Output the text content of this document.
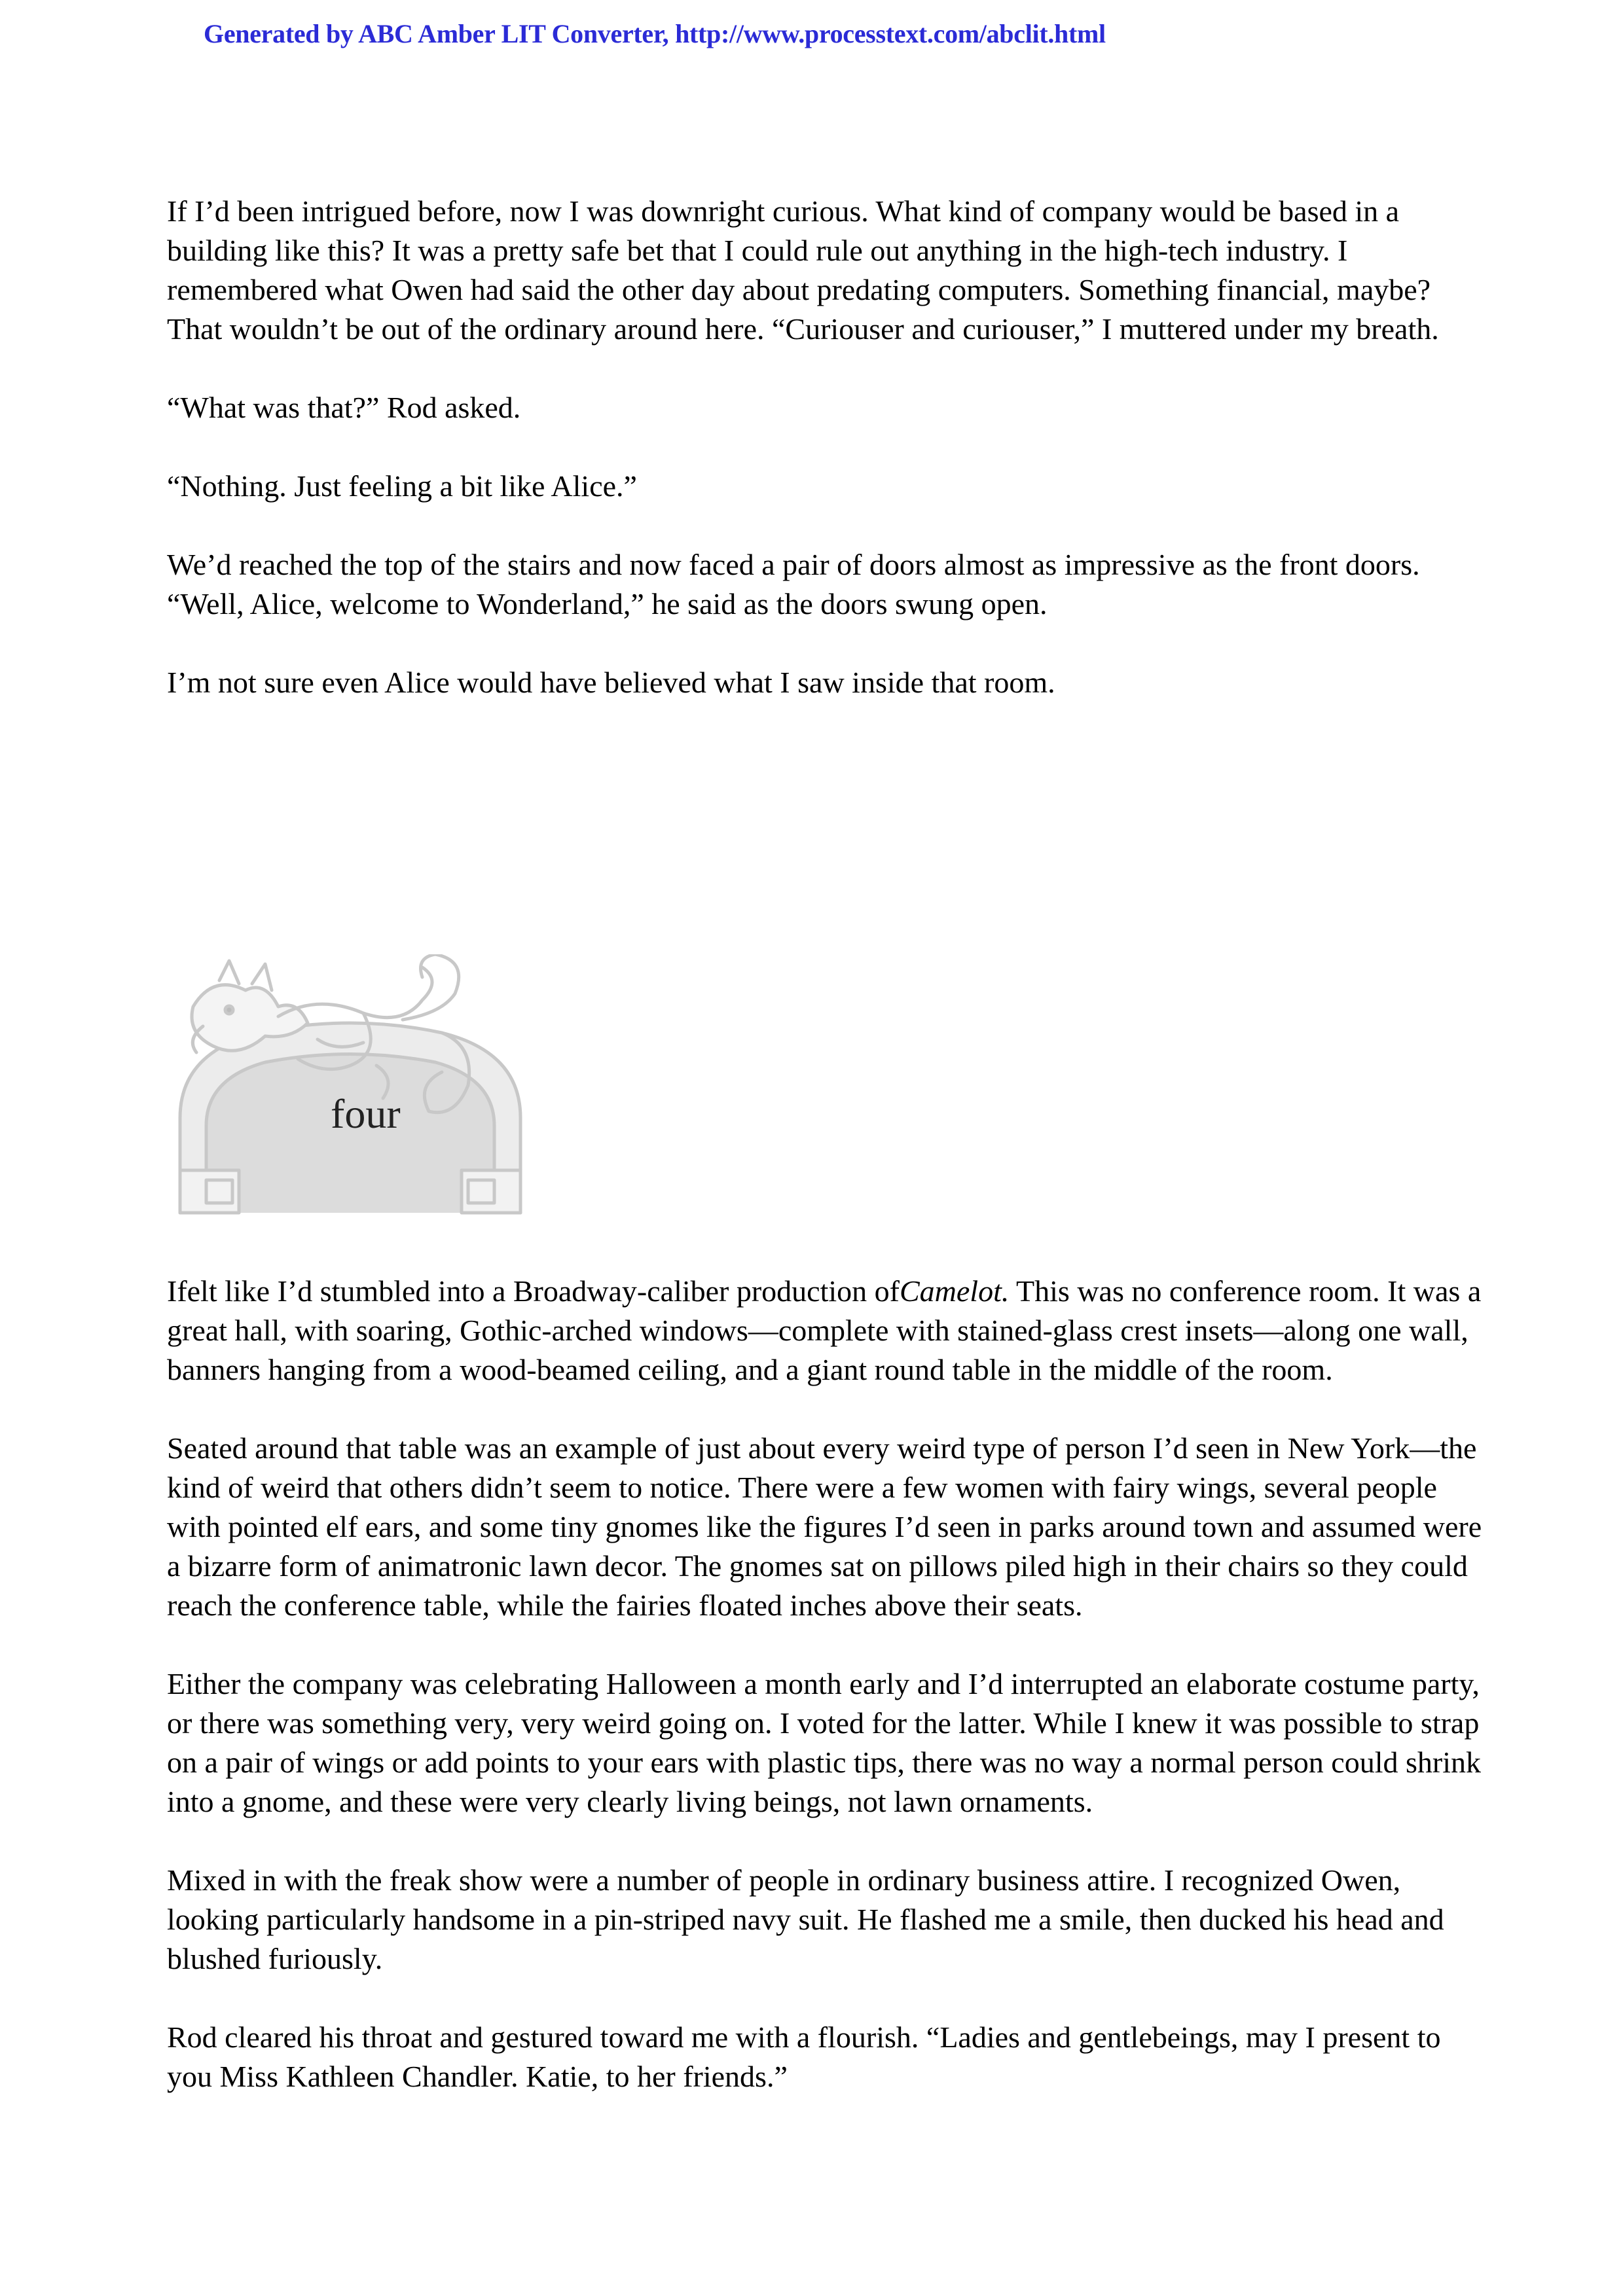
Generated by ABC Amber LIT Converter, http://www.processtext.com/abclit.html

If I’d been intrigued before, now I was downright curious. What kind of company would be based in a building like this? It was a pretty safe bet that I could rule out anything in the high-tech industry. I remembered what Owen had said the other day about predating computers. Something financial, maybe? That wouldn’t be out of the ordinary around here. “Curiouser and curiouser,” I muttered under my breath.

“What was that?” Rod asked.

“Nothing. Just feeling a bit like Alice.”

We’d reached the top of the stairs and now faced a pair of doors almost as impressive as the front doors. “Well, Alice, welcome to Wonderland,” he said as the doors swung open.

I’m not sure even Alice would have believed what I saw inside that room.

four

Ifelt like I’d stumbled into a Broadway-caliber production ofCamelot. This was no conference room. It was a great hall, with soaring, Gothic-arched windows—complete with stained-glass crest insets—along one wall, banners hanging from a wood-beamed ceiling, and a giant round table in the middle of the room.

Seated around that table was an example of just about every weird type of person I’d seen in New York—the kind of weird that others didn’t seem to notice. There were a few women with fairy wings, several people with pointed elf ears, and some tiny gnomes like the figures I’d seen in parks around town and assumed were a bizarre form of animatronic lawn decor. The gnomes sat on pillows piled high in their chairs so they could reach the conference table, while the fairies floated inches above their seats.

Either the company was celebrating Halloween a month early and I’d interrupted an elaborate costume party, or there was something very, very weird going on. I voted for the latter. While I knew it was possible to strap on a pair of wings or add points to your ears with plastic tips, there was no way a normal person could shrink into a gnome, and these were very clearly living beings, not lawn ornaments.

Mixed in with the freak show were a number of people in ordinary business attire. I recognized Owen, looking particularly handsome in a pin-striped navy suit. He flashed me a smile, then ducked his head and blushed furiously.

Rod cleared his throat and gestured toward me with a flourish. “Ladies and gentlebeings, may I present to you Miss Kathleen Chandler. Katie, to her friends.”
